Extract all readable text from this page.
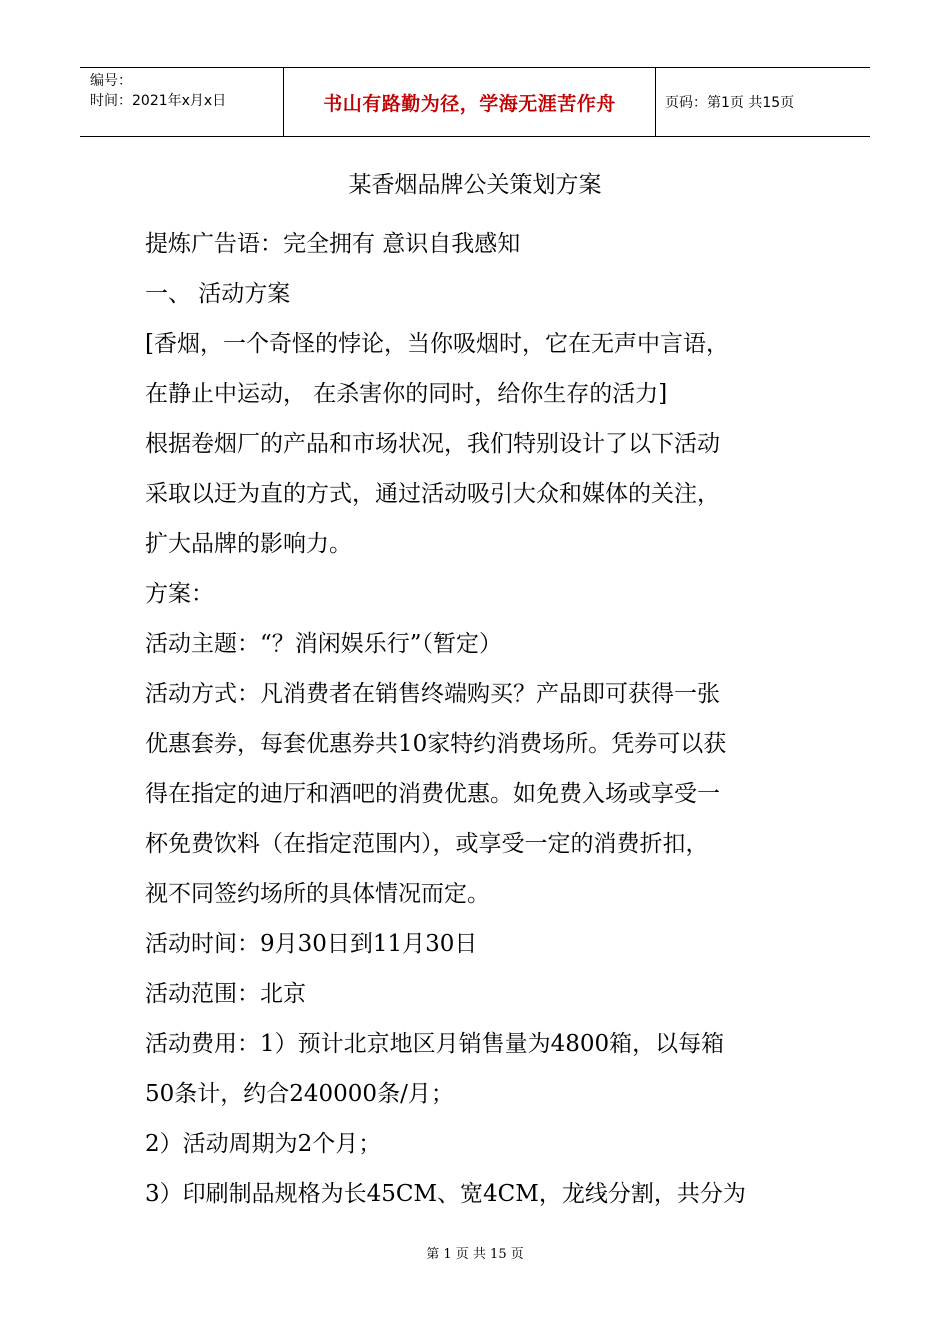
编号：
时间：2021年x月x日	书山有路勤为径，学海无涯苦作舟	页码：第1页 共15页
某香烟品牌公关策划方案
提炼广告语：完全拥有 意识自我感知
一、 活动方案
[香烟，一个奇怪的悖论，当你吸烟时，它在无声中言语，
在静止中运动， 在杀害你的同时，给你生存的活力]
根据卷烟厂的产品和市场状况，我们特别设计了以下活动
采取以迂为直的方式，通过活动吸引大众和媒体的关注，
扩大品牌的影响力。
方案：
活动主题：“？消闲娱乐行”（暂定）
活动方式：凡消费者在销售终端购买？产品即可获得一张
优惠套券，每套优惠券共10家特约消费场所。凭券可以获
得在指定的迪厅和酒吧的消费优惠。如免费入场或享受一
杯免费饮料（在指定范围内），或享受一定的消费折扣，
视不同签约场所的具体情况而定。
活动时间：9月30日到11月30日
活动范围：北京
活动费用：1）预计北京地区月销售量为4800箱，以每箱
50条计，约合240000条/月；
2）活动周期为2个月；
3）印刷制品规格为长45CM、宽4CM，龙线分割，共分为
第 1 页 共 15 页
